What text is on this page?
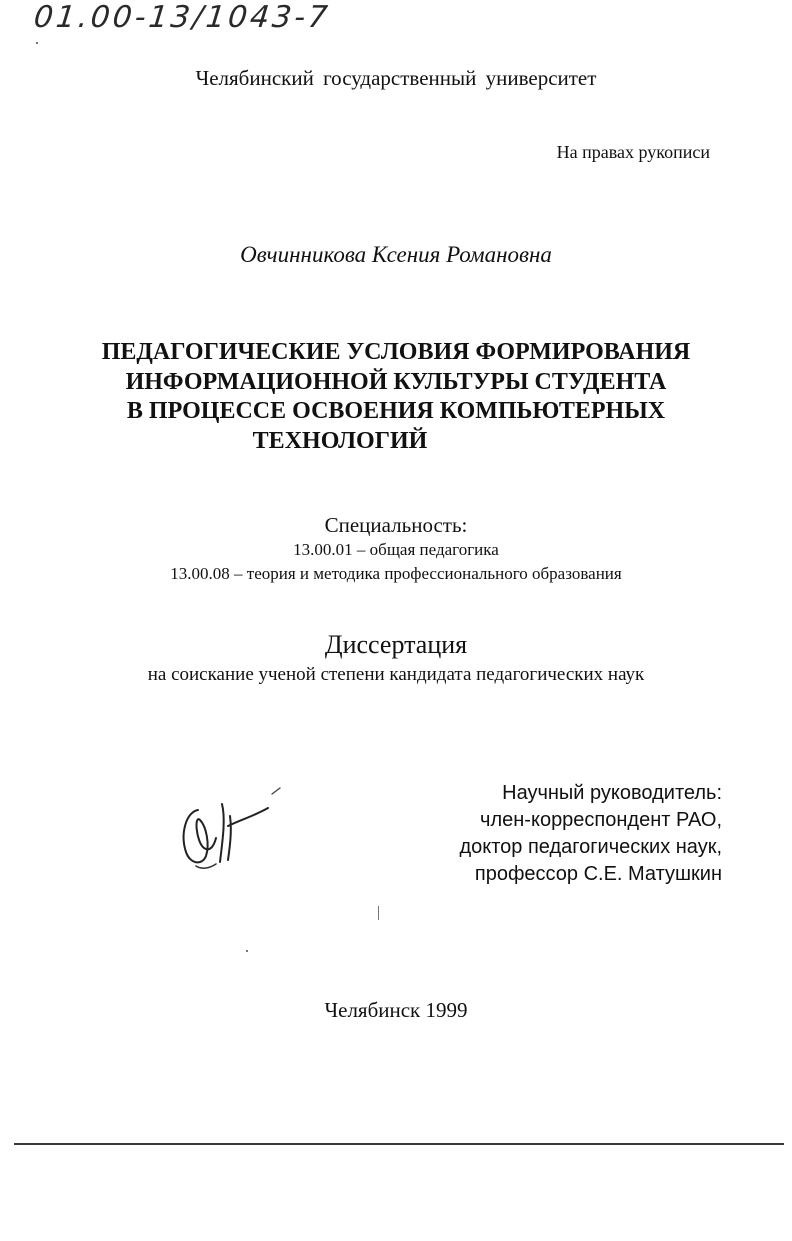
01.00-13/1043-7
Челябинский государственный университет
На правах рукописи
Овчинникова Ксения Романовна
ПЕДАГОГИЧЕСКИЕ УСЛОВИЯ ФОРМИРОВАНИЯ
ИНФОРМАЦИОННОЙ КУЛЬТУРЫ СТУДЕНТА
В ПРОЦЕССЕ ОСВОЕНИЯ КОМПЬЮТЕРНЫХ
ТЕХНОЛОГИЙ
Специальность:
13.00.01 – общая педагогика
13.00.08 – теория и методика профессионального образования
Диссертация
на соискание ученой степени кандидата педагогических наук
Научный руководитель:
член-корреспондент РАО,
доктор педагогических наук,
профессор С.Е. Матушкин
Челябинск 1999
